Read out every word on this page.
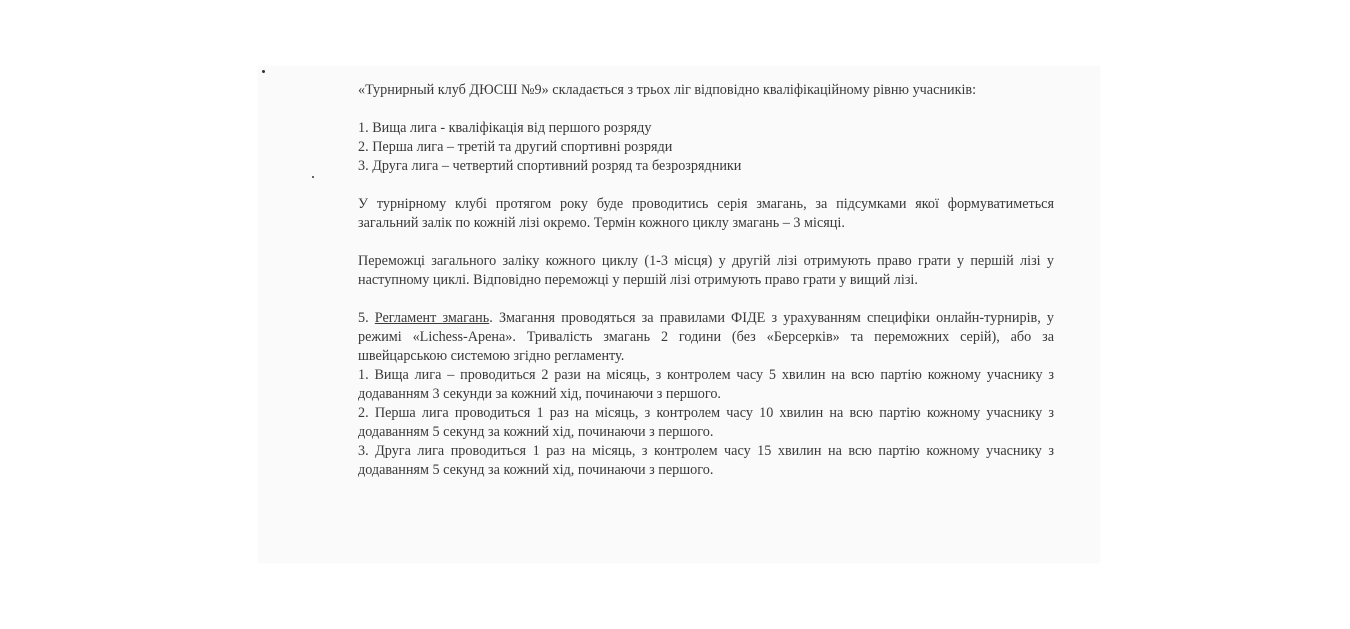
«Турнирный клуб ДЮСШ №9» складається з трьох ліг відповідно кваліфікаційному рівню учасників:

1. Вища лига - кваліфікація від першого розряду
2. Перша лига – третій та другий спортивні розряди
3. Друга лига – четвертий спортивний розряд та безрозрядники

У турнірному клубі протягом року буде проводитись серія змагань, за підсумками якої формуватиметься загальний залік по кожній лізі окремо. Термін кожного циклу змагань – 3 місяці.

Переможці загального заліку кожного циклу (1-3 місця) у другій лізі отримують право грати у першій лізі у наступному циклі. Відповідно переможці у першій лізі отримують право грати у вищий лізі.

5. Регламент змагань. Змагання проводяться за правилами ФІДЕ з урахуванням специфіки онлайн-турнирів, у режимі «Lichess-Арена». Тривалість змагань 2 години (без «Берсерків» та переможних серій), або за швейцарською системою згідно регламенту.
1. Вища лига – проводиться 2 рази на місяць, з контролем часу 5 хвилин на всю партію кожному учаснику з додаванням 3 секунди за кожний хід, починаючи з першого.
2. Перша лига проводиться 1 раз на місяць, з контролем часу 10 хвилин на всю партію кожному учаснику з додаванням 5 секунд за кожний хід, починаючи з першого.
3. Друга лига проводиться 1 раз на місяць, з контролем часу 15 хвилин на всю партію кожному учаснику з додаванням 5 секунд за кожний хід, починаючи з першого.
